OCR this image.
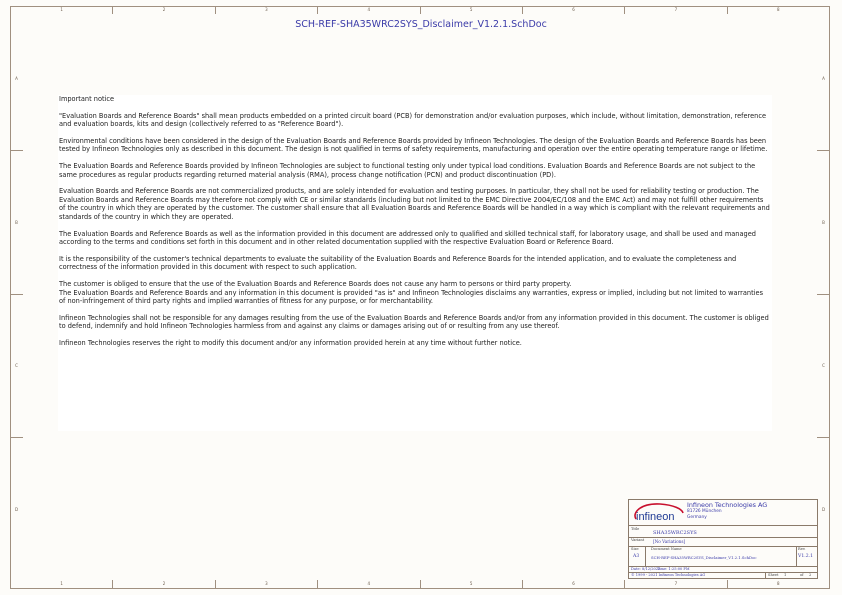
1	2	3	4	5	6	7	8
1	2	3	4	5	6	7	8
A
B
C
D
A
B
C
D
SCH-REF-SHA35WRC2SYS_Disclaimer_V1.2.1.SchDoc

Important notice

"Evaluation Boards and Reference Boards" shall mean products embedded on a printed circuit board (PCB) for demonstration and/or evaluation purposes, which include, without limitation, demonstration, reference and evaluation boards, kits and design (collectively referred to as "Reference Board").

Environmental conditions have been considered in the design of the Evaluation Boards and Reference Boards provided by Infineon Technologies. The design of the Evaluation Boards and Reference Boards has been tested by Infineon Technologies only as described in this document. The design is not qualified in terms of safety requirements, manufacturing and operation over the entire operating temperature range or lifetime.

The Evaluation Boards and Reference Boards provided by Infineon Technologies are subject to functional testing only under typical load conditions. Evaluation Boards and Reference Boards are not subject to the same procedures as regular products regarding returned material analysis (RMA), process change notification (PCN) and product discontinuation (PD).

Evaluation Boards and Reference Boards are not commercialized products, and are solely intended for evaluation and testing purposes. In particular, they shall not be used for reliability testing or production. The Evaluation Boards and Reference Boards may therefore not comply with CE or similar standards (including but not limited to the EMC Directive 2004/EC/108 and the EMC Act) and may not fulfill other requirements of the country in which they are operated by the customer. The customer shall ensure that all Evaluation Boards and Reference Boards will be handled in a way which is compliant with the relevant requirements and standards of the country in which they are operated.

The Evaluation Boards and Reference Boards as well as the information provided in this document are addressed only to qualified and skilled technical staff, for laboratory usage, and shall be used and managed according to the terms and conditions set forth in this document and in other related documentation supplied with the respective Evaluation Board or Reference Board.

It is the responsibility of the customer's technical departments to evaluate the suitability of the Evaluation Boards and Reference Boards for the intended application, and to evaluate the completeness and correctness of the information provided in this document with respect to such application.

The customer is obliged to ensure that the use of the Evaluation Boards and Reference Boards does not cause any harm to persons or third party property.
The Evaluation Boards and Reference Boards and any information in this document is provided "as is" and Infineon Technologies disclaims any warranties, express or implied, including but not limited to warranties of non-infringement of third party rights and implied warranties of fitness for any purpose, or for merchantability.

Infineon Technologies shall not be responsible for any damages resulting from the use of the Evaluation Boards and Reference Boards and/or from any information provided in this document. The customer is obliged to defend, indemnify and hold Infineon Technologies harmless from and against any claims or damages arising out of or resulting from any use thereof.

Infineon Technologies reserves the right to modify this document and/or any information provided herein at any time without further notice.

infineon
Infineon Technologies AG
81726 München
Germany
Title
SHA35WRC2SYS
Variant [No Variations]
Size
A3
Document Name
SCH-REF-SHA35WRC2SYS_Disclaimer_V1.2.1.SchDoc
Rev.
V1.2.1
Date: 8/12/2023
Time: 1:25:00 PM
© 1999 - 2021 Infineon Technologies AG	Sheet 1	of 2
